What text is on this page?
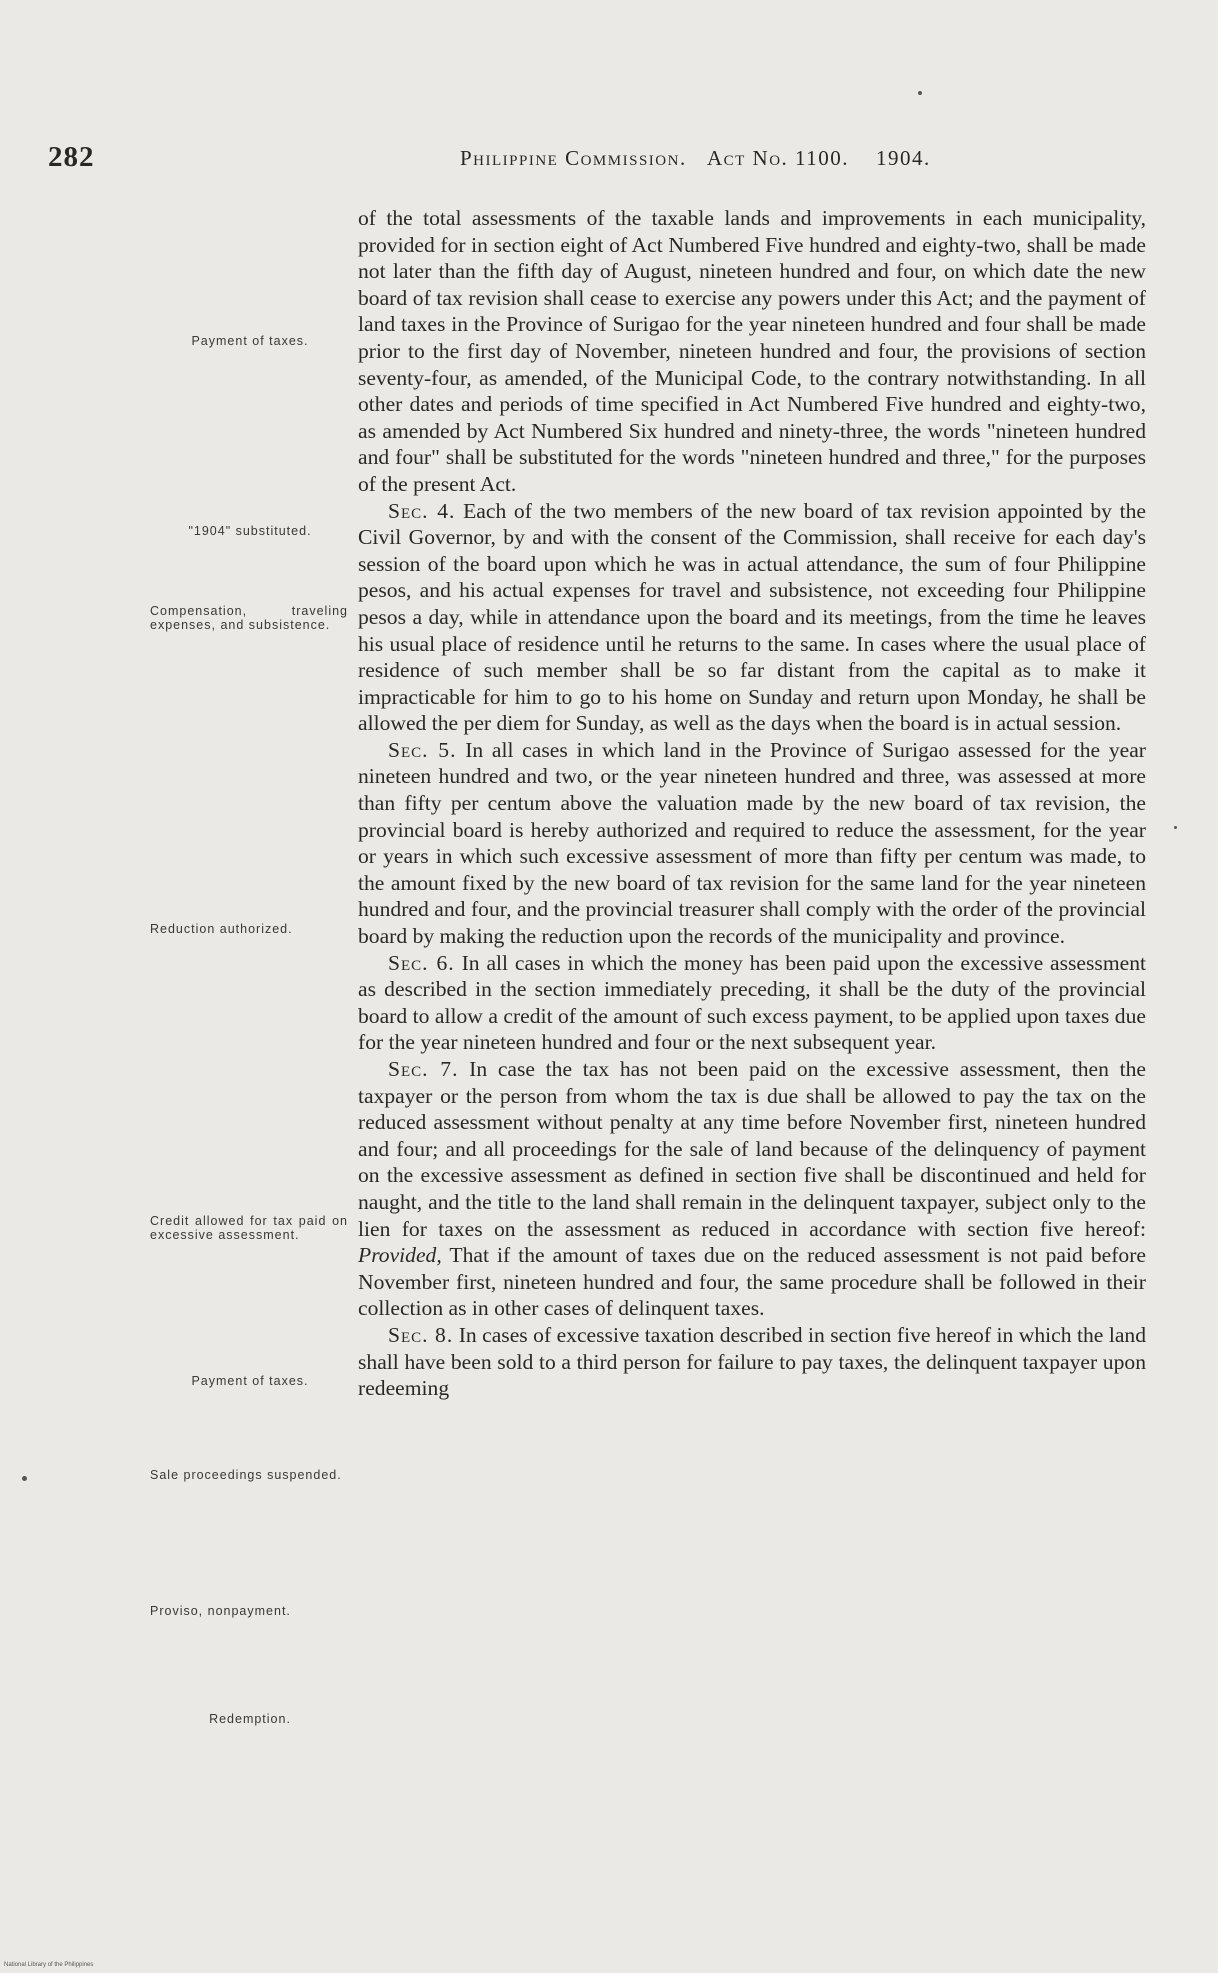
282	Philippine Commission. Act No. 1100. 1904.
Payment of taxes.
"1904" substituted.
Compensation, traveling expenses, and subsistence.
Reduction authorized.
Credit allowed for tax paid on excessive assessment.
Payment of taxes.
Sale proceedings suspended.
Proviso, nonpayment.
Redemption.

of the total assessments of the taxable lands and improvements in each municipality, provided for in section eight of Act Numbered Five hundred and eighty-two, shall be made not later than the fifth day of August, nineteen hundred and four, on which date the new board of tax revision shall cease to exercise any powers under this Act; and the payment of land taxes in the Province of Surigao for the year nineteen hundred and four shall be made prior to the first day of November, nineteen hundred and four, the provisions of section seventy-four, as amended, of the Municipal Code, to the contrary notwithstanding. In all other dates and periods of time specified in Act Numbered Five hundred and eighty-two, as amended by Act Numbered Six hundred and ninety-three, the words "nineteen hundred and four" shall be substituted for the words "nineteen hundred and three," for the purposes of the present Act.

Sec. 4. Each of the two members of the new board of tax revision appointed by the Civil Governor, by and with the consent of the Commission, shall receive for each day's session of the board upon which he was in actual attendance, the sum of four Philippine pesos, and his actual expenses for travel and subsistence, not exceeding four Philippine pesos a day, while in attendance upon the board and its meetings, from the time he leaves his usual place of residence until he returns to the same. In cases where the usual place of residence of such member shall be so far distant from the capital as to make it impracticable for him to go to his home on Sunday and return upon Monday, he shall be allowed the per diem for Sunday, as well as the days when the board is in actual session.

Sec. 5. In all cases in which land in the Province of Surigao assessed for the year nineteen hundred and two, or the year nineteen hundred and three, was assessed at more than fifty per centum above the valuation made by the new board of tax revision, the provincial board is hereby authorized and required to reduce the assessment, for the year or years in which such excessive assessment of more than fifty per centum was made, to the amount fixed by the new board of tax revision for the same land for the year nineteen hundred and four, and the provincial treasurer shall comply with the order of the provincial board by making the reduction upon the records of the municipality and province.

Sec. 6. In all cases in which the money has been paid upon the excessive assessment as described in the section immediately preceding, it shall be the duty of the provincial board to allow a credit of the amount of such excess payment, to be applied upon taxes due for the year nineteen hundred and four or the next subsequent year.

Sec. 7. In case the tax has not been paid on the excessive assessment, then the taxpayer or the person from whom the tax is due shall be allowed to pay the tax on the reduced assessment without penalty at any time before November first, nineteen hundred and four; and all proceedings for the sale of land because of the delinquency of payment on the excessive assessment as defined in section five shall be discontinued and held for naught, and the title to the land shall remain in the delinquent taxpayer, subject only to the lien for taxes on the assessment as reduced in accordance with section five hereof: Provided, That if the amount of taxes due on the reduced assessment is not paid before November first, nineteen hundred and four, the same procedure shall be followed in their collection as in other cases of delinquent taxes.

Sec. 8. In cases of excessive taxation described in section five hereof in which the land shall have been sold to a third person for failure to pay taxes, the delinquent taxpayer upon redeeming

National Library of the Philippines
